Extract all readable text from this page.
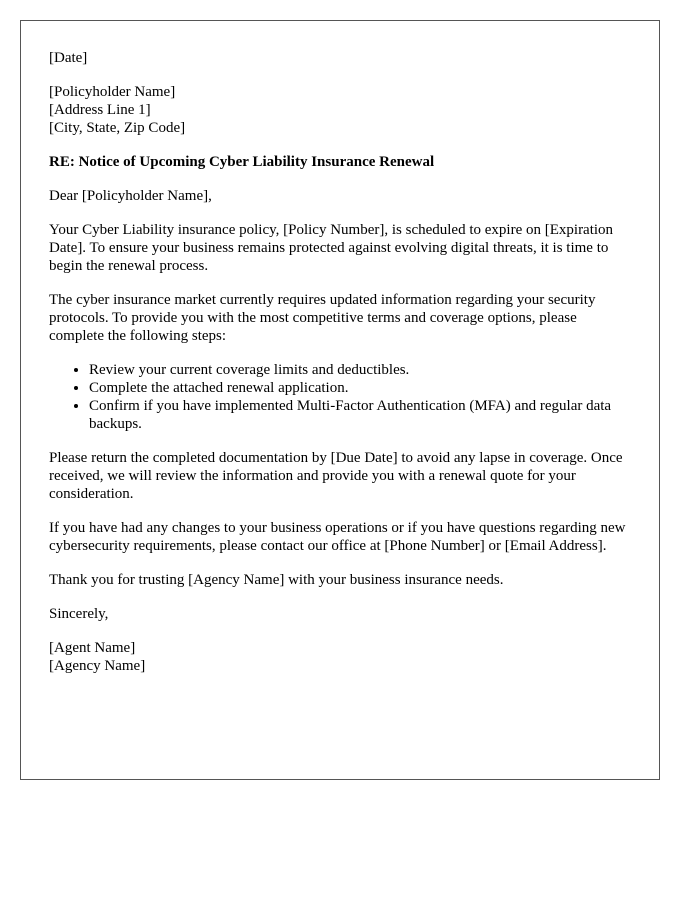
[Date]

[Policyholder Name]
[Address Line 1]
[City, State, Zip Code]

RE: Notice of Upcoming Cyber Liability Insurance Renewal

Dear [Policyholder Name],

Your Cyber Liability insurance policy, [Policy Number], is scheduled to expire on [Expiration Date]. To ensure your business remains protected against evolving digital threats, it is time to begin the renewal process.

The cyber insurance market currently requires updated information regarding your security protocols. To provide you with the most competitive terms and coverage options, please complete the following steps:

• Review your current coverage limits and deductibles.
• Complete the attached renewal application.
• Confirm if you have implemented Multi-Factor Authentication (MFA) and regular data backups.

Please return the completed documentation by [Due Date] to avoid any lapse in coverage. Once received, we will review the information and provide you with a renewal quote for your consideration.

If you have had any changes to your business operations or if you have questions regarding new cybersecurity requirements, please contact our office at [Phone Number] or [Email Address].

Thank you for trusting [Agency Name] with your business insurance needs.

Sincerely,

[Agent Name]
[Agency Name]
